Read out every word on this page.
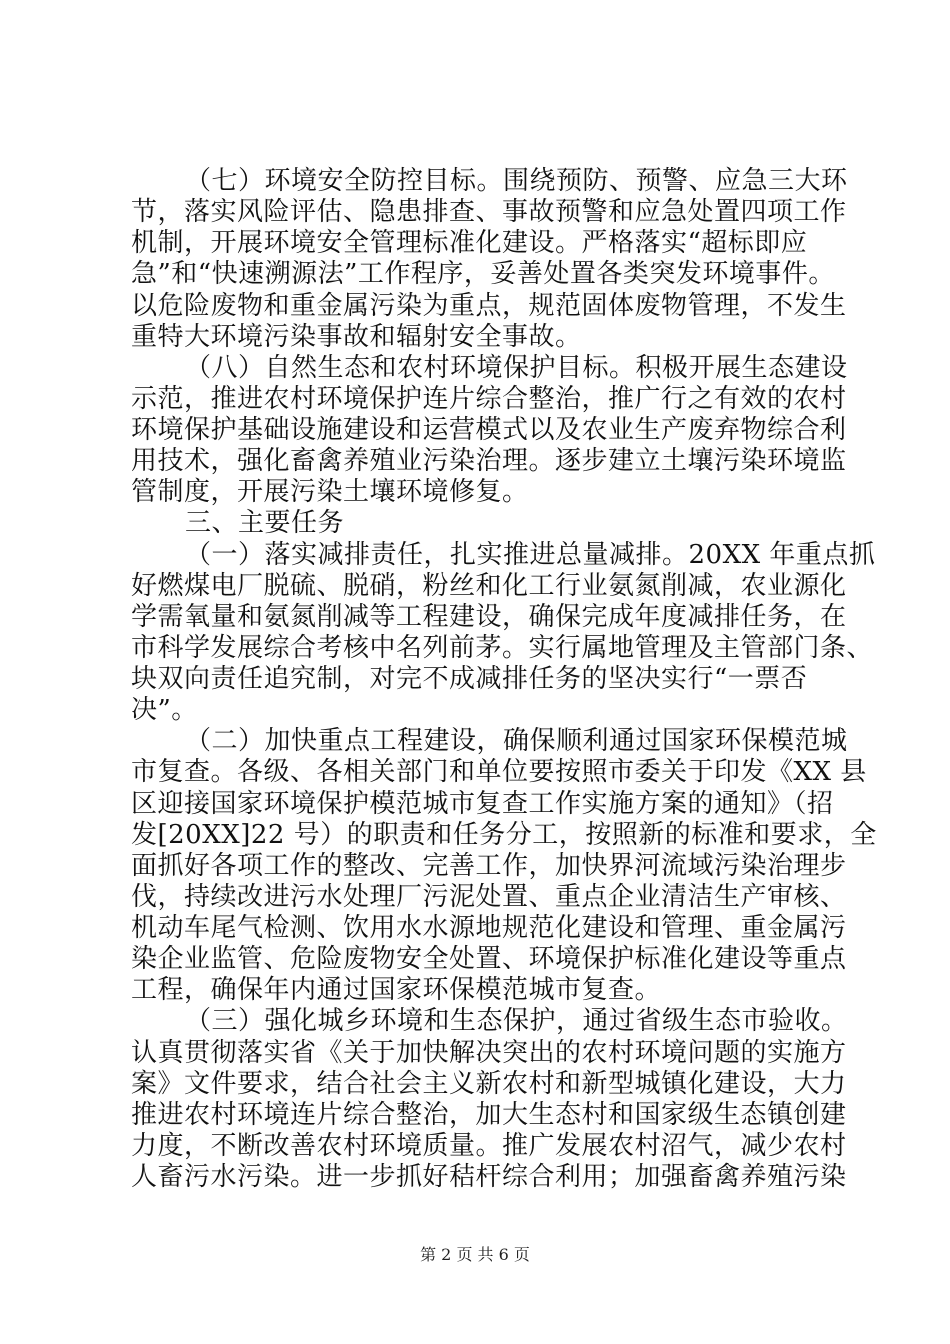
（七）环境安全防控目标。围绕预防、预警、应急三大环
节，落实风险评估、隐患排查、事故预警和应急处置四项工作
机制，开展环境安全管理标准化建设。严格落实“超标即应
急”和“快速溯源法”工作程序，妥善处置各类突发环境事件。
以危险废物和重金属污染为重点，规范固体废物管理，不发生
重特大环境污染事故和辐射安全事故。
（八）自然生态和农村环境保护目标。积极开展生态建设
示范，推进农村环境保护连片综合整治，推广行之有效的农村
环境保护基础设施建设和运营模式以及农业生产废弃物综合利
用技术，强化畜禽养殖业污染治理。逐步建立土壤污染环境监
管制度，开展污染土壤环境修复。
三、主要任务
（一）落实减排责任，扎实推进总量减排。20XX 年重点抓
好燃煤电厂脱硫、脱硝，粉丝和化工行业氨氮削减，农业源化
学需氧量和氨氮削减等工程建设，确保完成年度减排任务，在
市科学发展综合考核中名列前茅。实行属地管理及主管部门条、
块双向责任追究制，对完不成减排任务的坚决实行“一票否
决”。
（二）加快重点工程建设，确保顺利通过国家环保模范城
市复查。各级、各相关部门和单位要按照市委关于印发《XX 县
区迎接国家环境保护模范城市复查工作实施方案的通知》（招
发[20XX]22 号）的职责和任务分工，按照新的标准和要求，全
面抓好各项工作的整改、完善工作，加快界河流域污染治理步
伐，持续改进污水处理厂污泥处置、重点企业清洁生产审核、
机动车尾气检测、饮用水水源地规范化建设和管理、重金属污
染企业监管、危险废物安全处置、环境保护标准化建设等重点
工程，确保年内通过国家环保模范城市复查。
（三）强化城乡环境和生态保护，通过省级生态市验收。
认真贯彻落实省《关于加快解决突出的农村环境问题的实施方
案》文件要求，结合社会主义新农村和新型城镇化建设，大力
推进农村环境连片综合整治，加大生态村和国家级生态镇创建
力度，不断改善农村环境质量。推广发展农村沼气，减少农村
人畜污水污染。进一步抓好秸杆综合利用；加强畜禽养殖污染
第 2 页 共 6 页
